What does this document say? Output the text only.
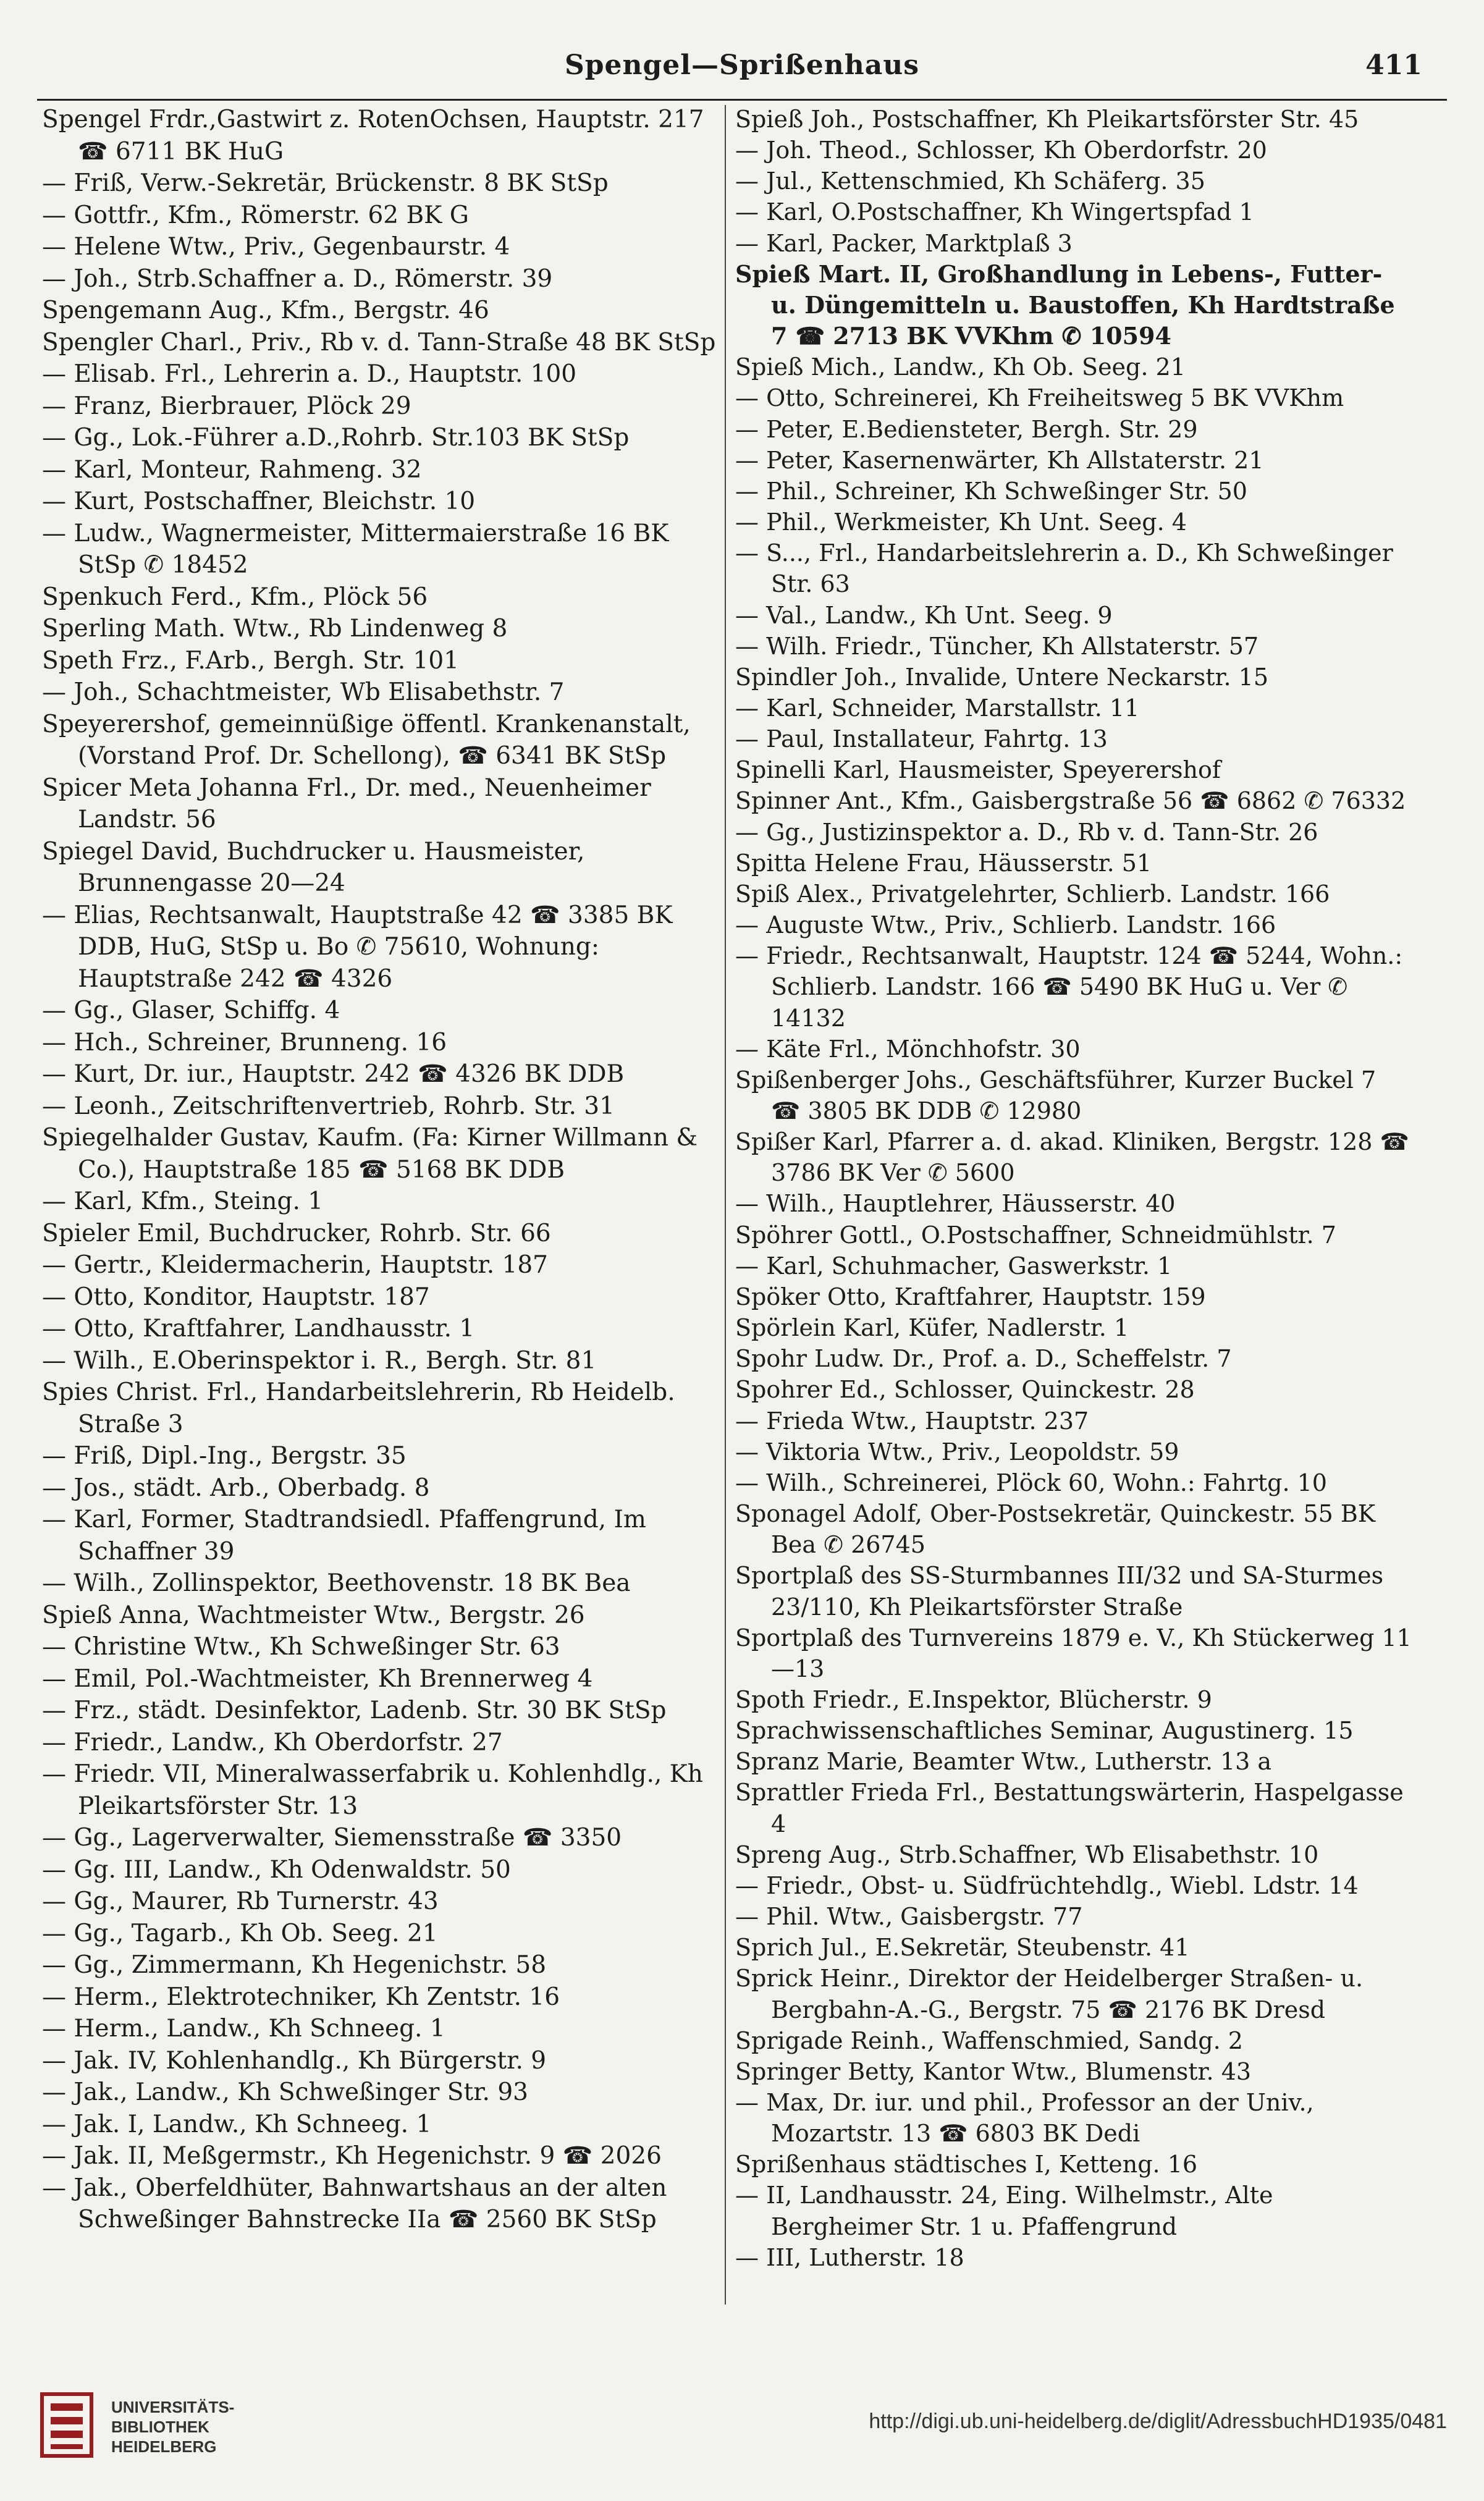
Spengel—Sprißenhaus	411
Spengel Frdr.,Gastwirt z. RotenOchsen, Hauptstr. 217 ☎ 6711 BK HuG
— Friß, Verw.-Sekretär, Brückenstr. 8 BK StSp
— Gottfr., Kfm., Römerstr. 62 BK G
— Helene Wtw., Priv., Gegenbaurstr. 4
— Joh., Strb.Schaffner a. D., Römerstr. 39
Spengemann Aug., Kfm., Bergstr. 46
Spengler Charl., Priv., Rb v. d. Tann-Straße 48 BK StSp
— Elisab. Frl., Lehrerin a. D., Hauptstr. 100
— Franz, Bierbrauer, Plöck 29
— Gg., Lok.-Führer a.D.,Rohrb. Str.103 BK StSp
— Karl, Monteur, Rahmeng. 32
— Kurt, Postschaffner, Bleichstr. 10
— Ludw., Wagnermeister, Mittermaierstraße 16 BK StSp ✆ 18452
Spenkuch Ferd., Kfm., Plöck 56
Sperling Math. Wtw., Rb Lindenweg 8
Speth Frz., F.Arb., Bergh. Str. 101
— Joh., Schachtmeister, Wb Elisabethstr. 7
Speyerershof, gemeinnüßige öffentl. Krankenanstalt, (Vorstand Prof. Dr. Schellong), ☎ 6341 BK StSp
Spicer Meta Johanna Frl., Dr. med., Neuenheimer Landstr. 56
Spiegel David, Buchdrucker u. Hausmeister, Brunnengasse 20—24
— Elias, Rechtsanwalt, Hauptstraße 42 ☎ 3385 BK DDB, HuG, StSp u. Bo ✆ 75610, Wohnung: Hauptstraße 242 ☎ 4326
— Gg., Glaser, Schiffg. 4
— Hch., Schreiner, Brunneng. 16
— Kurt, Dr. iur., Hauptstr. 242 ☎ 4326 BK DDB
— Leonh., Zeitschriftenvertrieb, Rohrb. Str. 31
Spiegelhalder Gustav, Kaufm. (Fa: Kirner Willmann & Co.), Hauptstraße 185 ☎ 5168 BK DDB
— Karl, Kfm., Steing. 1
Spieler Emil, Buchdrucker, Rohrb. Str. 66
— Gertr., Kleidermacherin, Hauptstr. 187
— Otto, Konditor, Hauptstr. 187
— Otto, Kraftfahrer, Landhausstr. 1
— Wilh., E.Oberinspektor i. R., Bergh. Str. 81
Spies Christ. Frl., Handarbeitslehrerin, Rb Heidelb. Straße 3
— Friß, Dipl.-Ing., Bergstr. 35
— Jos., städt. Arb., Oberbadg. 8
— Karl, Former, Stadtrandsiedl. Pfaffengrund, Im Schaffner 39
— Wilh., Zollinspektor, Beethovenstr. 18 BK Bea
Spieß Anna, Wachtmeister Wtw., Bergstr. 26
— Christine Wtw., Kh Schweßinger Str. 63
— Emil, Pol.-Wachtmeister, Kh Brennerweg 4
— Frz., städt. Desinfektor, Ladenb. Str. 30 BK StSp
— Friedr., Landw., Kh Oberdorfstr. 27
— Friedr. VII, Mineralwasserfabrik u. Kohlenhdlg., Kh Pleikartsförster Str. 13
— Gg., Lagerverwalter, Siemensstraße ☎ 3350
— Gg. III, Landw., Kh Odenwaldstr. 50
— Gg., Maurer, Rb Turnerstr. 43
— Gg., Tagarb., Kh Ob. Seeg. 21
— Gg., Zimmermann, Kh Hegenichstr. 58
— Herm., Elektrotechniker, Kh Zentstr. 16
— Herm., Landw., Kh Schneeg. 1
— Jak. IV, Kohlenhandlg., Kh Bürgerstr. 9
— Jak., Landw., Kh Schweßinger Str. 93
— Jak. I, Landw., Kh Schneeg. 1
— Jak. II, Meßgermstr., Kh Hegenichstr. 9 ☎ 2026
— Jak., Oberfeldhüter, Bahnwartshaus an der alten Schweßinger Bahnstrecke IIa ☎ 2560 BK StSp
Spieß Joh., Postschaffner, Kh Pleikartsförster Str. 45
— Joh. Theod., Schlosser, Kh Oberdorfstr. 20
— Jul., Kettenschmied, Kh Schäferg. 35
— Karl, O.Postschaffner, Kh Wingertspfad 1
— Karl, Packer, Marktplaß 3
Spieß Mart. II, Großhandlung in Lebens-, Futter- u. Düngemitteln u. Baustoffen, Kh Hardtstraße 7 ☎ 2713 BK VVKhm ✆ 10594
Spieß Mich., Landw., Kh Ob. Seeg. 21
— Otto, Schreinerei, Kh Freiheitsweg 5 BK VVKhm
— Peter, E.Bediensteter, Bergh. Str. 29
— Peter, Kasernenwärter, Kh Allstaterstr. 21
— Phil., Schreiner, Kh Schweßinger Str. 50
— Phil., Werkmeister, Kh Unt. Seeg. 4
— S..., Frl., Handarbeitslehrerin a. D., Kh Schweßinger Str. 63
— Val., Landw., Kh Unt. Seeg. 9
— Wilh. Friedr., Tüncher, Kh Allstaterstr. 57
Spindler Joh., Invalide, Untere Neckarstr. 15
— Karl, Schneider, Marstallstr. 11
— Paul, Installateur, Fahrtg. 13
Spinelli Karl, Hausmeister, Speyerershof
Spinner Ant., Kfm., Gaisbergstraße 56 ☎ 6862 ✆ 76332
— Gg., Justizinspektor a. D., Rb v. d. Tann-Str. 26
Spitta Helene Frau, Häusserstr. 51
Spiß Alex., Privatgelehrter, Schlierb. Landstr. 166
— Auguste Wtw., Priv., Schlierb. Landstr. 166
— Friedr., Rechtsanwalt, Hauptstr. 124 ☎ 5244, Wohn.: Schlierb. Landstr. 166 ☎ 5490 BK HuG u. Ver ✆ 14132
— Käte Frl., Mönchhofstr. 30
Spißenberger Johs., Geschäftsführer, Kurzer Buckel 7 ☎ 3805 BK DDB ✆ 12980
Spißer Karl, Pfarrer a. d. akad. Kliniken, Bergstr. 128 ☎ 3786 BK Ver ✆ 5600
— Wilh., Hauptlehrer, Häusserstr. 40
Spöhrer Gottl., O.Postschaffner, Schneidmühlstr. 7
— Karl, Schuhmacher, Gaswerkstr. 1
Spöker Otto, Kraftfahrer, Hauptstr. 159
Spörlein Karl, Küfer, Nadlerstr. 1
Spohr Ludw. Dr., Prof. a. D., Scheffelstr. 7
Spohrer Ed., Schlosser, Quinckestr. 28
— Frieda Wtw., Hauptstr. 237
— Viktoria Wtw., Priv., Leopoldstr. 59
— Wilh., Schreinerei, Plöck 60, Wohn.: Fahrtg. 10
Sponagel Adolf, Ober-Postsekretär, Quinckestr. 55 BK Bea ✆ 26745
Sportplaß des SS-Sturmbannes III/32 und SA-Sturmes 23/110, Kh Pleikartsförster Straße
Sportplaß des Turnvereins 1879 e. V., Kh Stückerweg 11—13
Spoth Friedr., E.Inspektor, Blücherstr. 9
Sprachwissenschaftliches Seminar, Augustinerg. 15
Spranz Marie, Beamter Wtw., Lutherstr. 13 a
Sprattler Frieda Frl., Bestattungswärterin, Haspelgasse 4
Spreng Aug., Strb.Schaffner, Wb Elisabethstr. 10
— Friedr., Obst- u. Südfrüchtehdlg., Wiebl. Ldstr. 14
— Phil. Wtw., Gaisbergstr. 77
Sprich Jul., E.Sekretär, Steubenstr. 41
Sprick Heinr., Direktor der Heidelberger Straßen- u. Bergbahn-A.-G., Bergstr. 75 ☎ 2176 BK Dresd
Sprigade Reinh., Waffenschmied, Sandg. 2
Springer Betty, Kantor Wtw., Blumenstr. 43
— Max, Dr. iur. und phil., Professor an der Univ., Mozartstr. 13 ☎ 6803 BK Dedi
Sprißenhaus städtisches I, Ketteng. 16
— II, Landhausstr. 24, Eing. Wilhelmstr., Alte Bergheimer Str. 1 u. Pfaffengrund
— III, Lutherstr. 18
UNIVERSITÄTS-
BIBLIOTHEK
HEIDELBERG
http://digi.ub.uni-heidelberg.de/diglit/AdressbuchHD1935/0481
